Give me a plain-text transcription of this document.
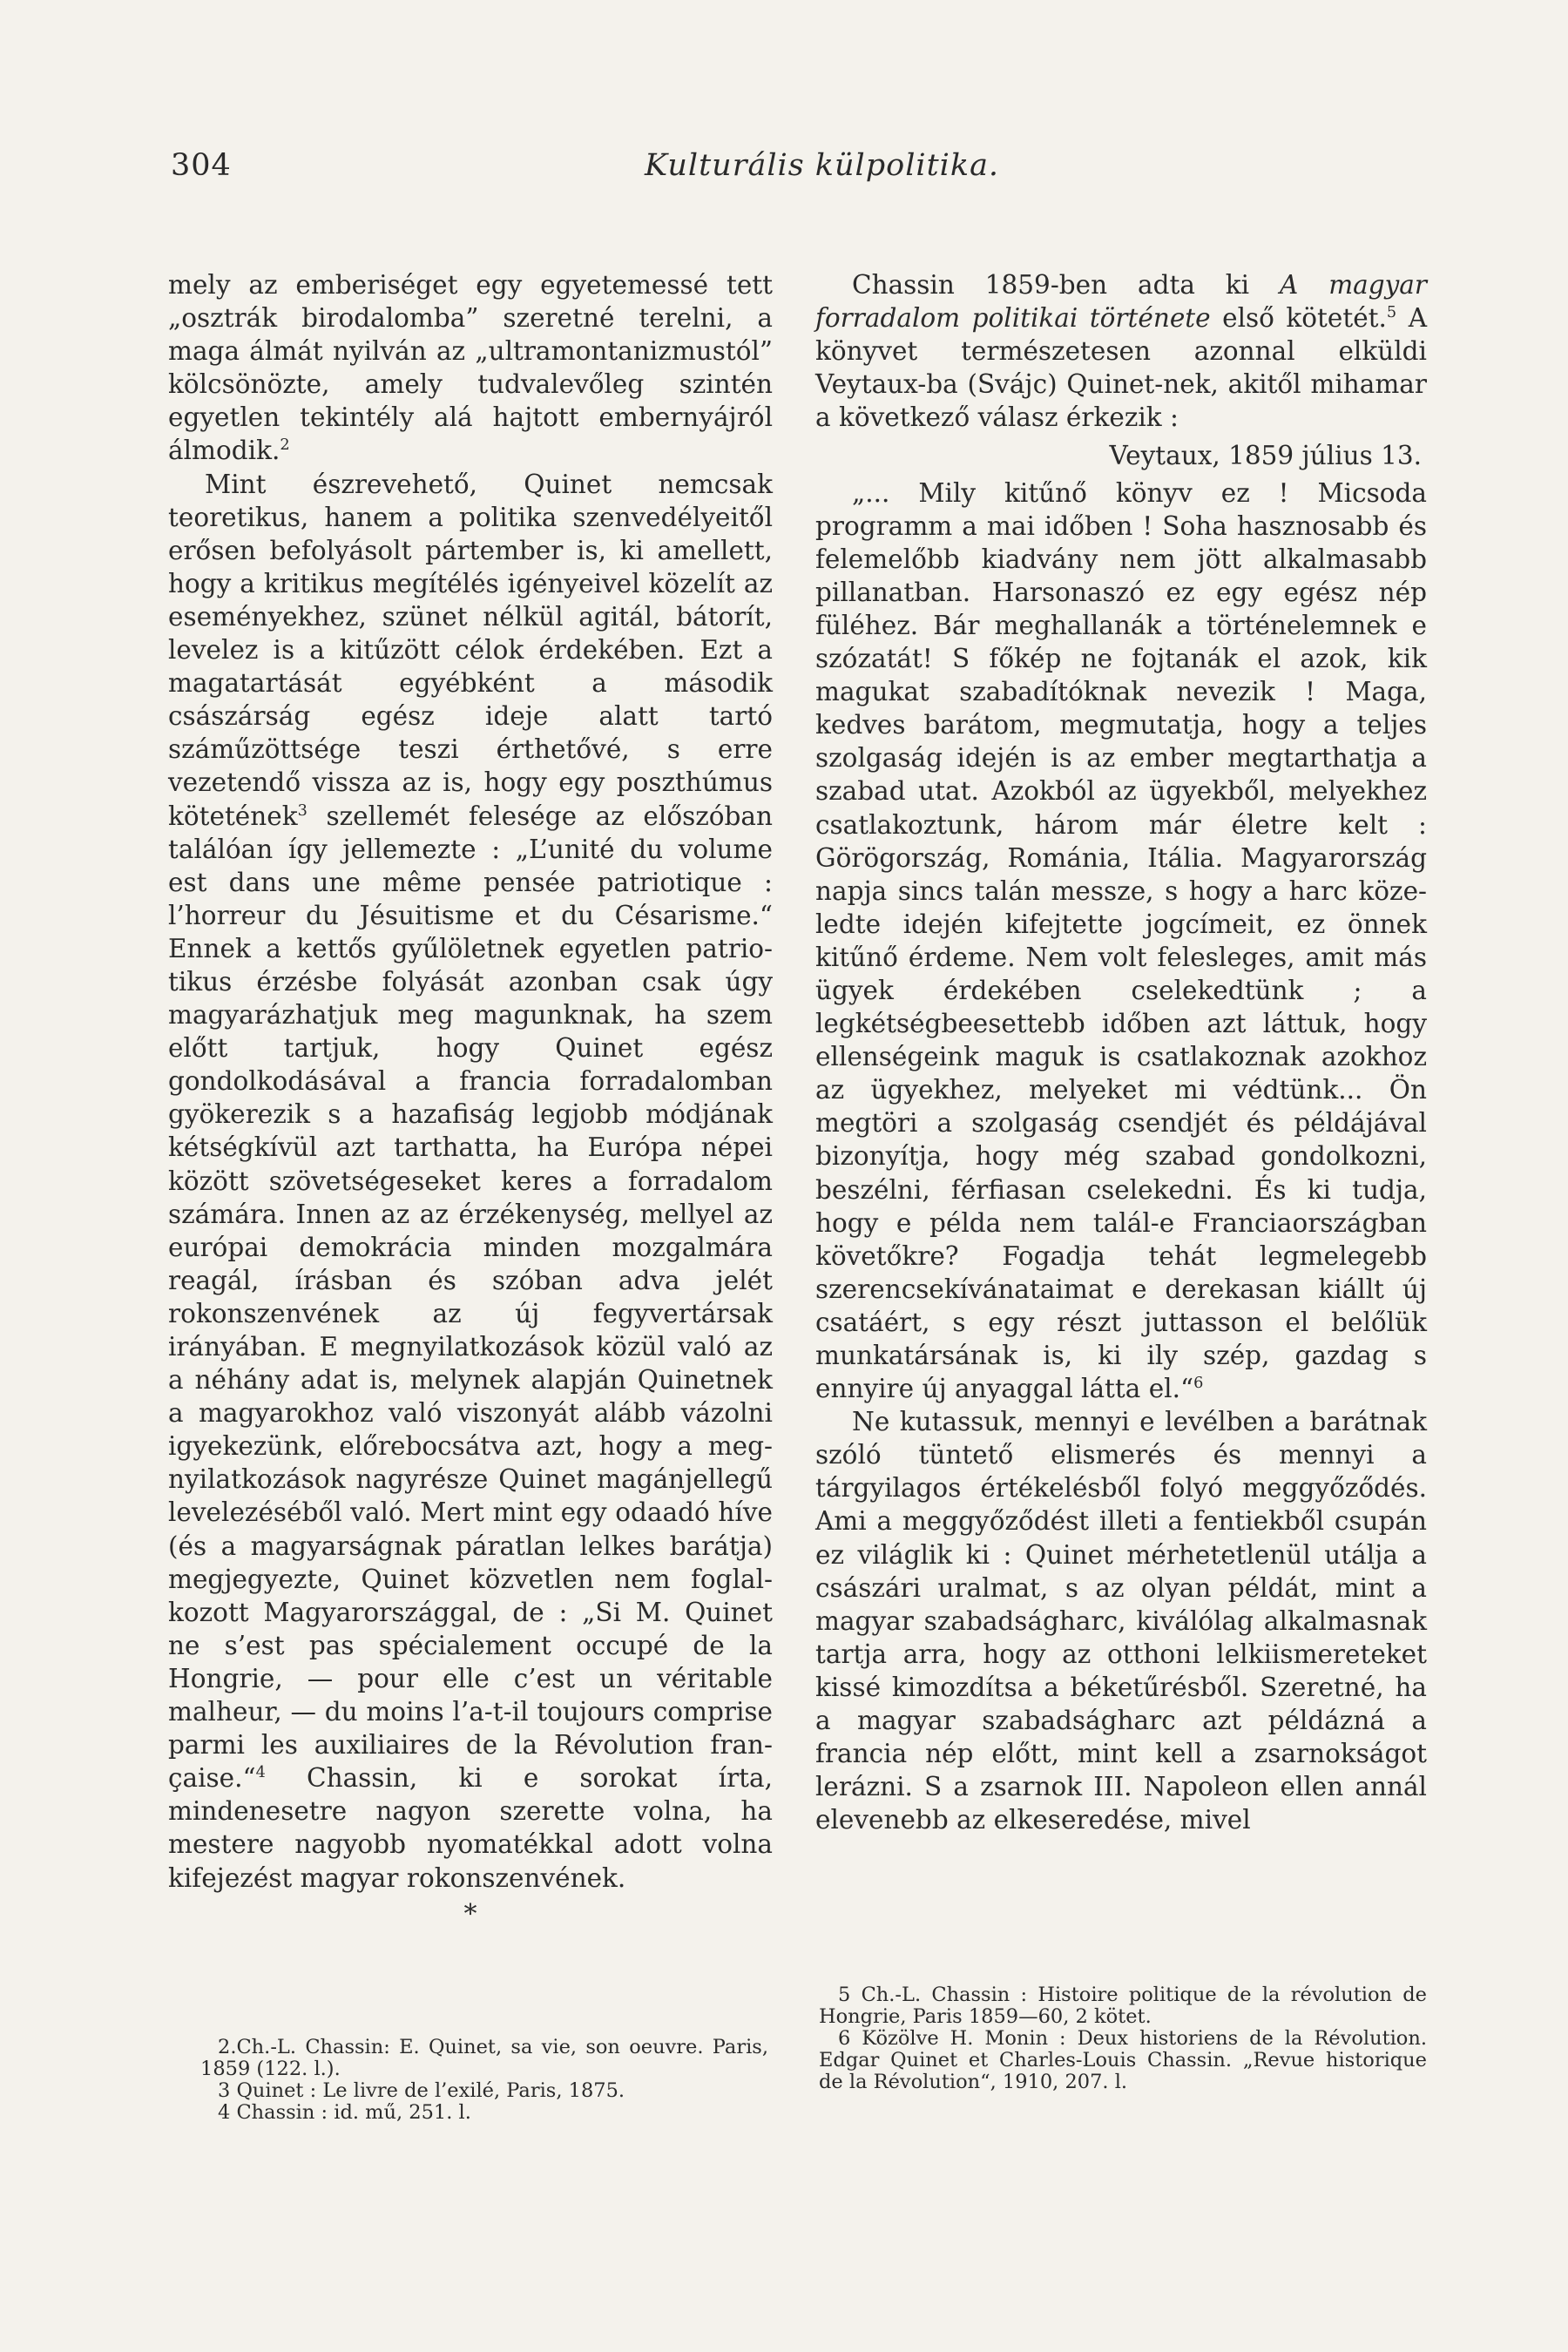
304	Kulturális külpolitika.

mely az emberiséget egy egyetemessé tett „osztrák birodalomba” szeretné terelni, a maga álmát nyilván az „ultramontanizmustól” kölcsönözte, amely tudvalevőleg szintén egyetlen tekintély alá hajtott embernyájról álmodik.$^2$

Mint észrevehető, Quinet nemcsak teoretikus, hanem a politika szenvedélyeitől erősen befolyásolt pártember is, ki amellett, hogy a kritikus megítélés igényeivel közelít az eseményekhez, szünet nélkül agitál, bátorít, levelez is a kitűzött célok érdekében. Ezt a magatartását egyébként a második császárság egész ideje alatt tartó száműzöttsége teszi érthetővé, s erre vezetendő vissza az is, hogy egy poszthúmus kötetének$^3$ szellemét felesége az előszóban találóan így jellemezte : „L’unité du volume est dans une même pensée patriotique : l’horreur du Jésuitisme et du Césarisme.“ Ennek a kettős gyűlöletnek egyetlen patriotikus érzésbe folyását azonban csak úgy magyarázhatjuk meg magunknak, ha szem előtt tartjuk, hogy Quinet egész gondolkodásával a francia forradalomban gyökerezik s a hazafiság legjobb módjának kétségkívül azt tarthatta, ha Európa népei között szövetségeseket keres a forradalom számára. Innen az az érzékenység, mellyel az európai demokrácia minden mozgalmára reagál, írásban és szóban adva jelét rokonszenvének az új fegyvertársak irányában. E megnyilatkozások közül való az a néhány adat is, melynek alapján Quinetnek a magyarokhoz való viszonyát alább vázolni igyekezünk, előrebocsátva azt, hogy a megnyilatkozások nagyrésze Quinet magánjellegű levelezéséből való. Mert mint egy odaadó híve (és a magyarságnak páratlan lelkes barátja) megjegyezte, Quinet közvetlen nem foglalkozott Magyarországgal, de : „Si M. Quinet ne s’est pas spécialement occupé de la Hongrie, — pour elle c’est un véritable malheur, — du moins l’a-t-il toujours comprise parmi les auxiliaires de la Révolution française.“$^4$ Chassin, ki e sorokat írta, mindenesetre nagyon szerette volna, ha mestere nagyobb nyomatékkal adott volna kifejezést magyar rokonszenvének.

*

2.Ch.-L. Chassin: E. Quinet, sa vie, son oeuvre. Paris, 1859 (122. l.).

3 Quinet : Le livre de l’exilé, Paris, 1875.

4 Chassin : id. mű, 251. l.

Chassin 1859-ben adta ki A magyar forradalom politikai története első kötetét.$^5$ A könyvet természetesen azonnal elküldi Veytaux-ba (Svájc) Quinet-nek, akitől mihamar a következő válasz érkezik :

Veytaux, 1859 július 13.

„... Mily kitűnő könyv ez ! Micsoda programm a mai időben ! Soha hasznosabb és felemelőbb kiadvány nem jött alkalmasabb pillanatban. Harsonaszó ez egy egész nép füléhez. Bár meghallanák a történelemnek e szózatát! S főkép ne fojtanák el azok, kik magukat szabadítóknak nevezik ! Maga, kedves barátom, megmutatja, hogy a teljes szolgaság idején is az ember megtarthatja a szabad utat. Azokból az ügyekből, melyekhez csatlakoztunk, három már életre kelt : Görögország, Románia, Itália. Magyarország napja sincs talán messze, s hogy a harc közeledte idején kifejtette jogcímeit, ez önnek kitűnő érdeme. Nem volt felesleges, amit más ügyek érdekében cselekedtünk ; a legkétségbeesettebb időben azt láttuk, hogy ellenségeink maguk is csatlakoznak azokhoz az ügyekhez, melyeket mi védtünk... Ön megtöri a szolgaság csendjét és példájával bizonyítja, hogy még szabad gondolkozni, beszélni, férfiasan cselekedni. És ki tudja, hogy e példa nem talál-e Franciaországban követőkre? Fogadja tehát legmelegebb szerencsekívánataimat e derekasan kiállt új csatáért, s egy részt juttasson el belőlük munkatársának is, ki ily szép, gazdag s ennyire új anyaggal látta el.“$^6$

Ne kutassuk, mennyi e levélben a barátnak szóló tüntető elismerés és mennyi a tárgyilagos értékelésből folyó meggyőződés. Ami a meggyőződést illeti a fentiekből csupán ez világlik ki : Quinet mérhetetlenül utálja a császári uralmat, s az olyan példát, mint a magyar szabadságharc, kiválólag alkalmasnak tartja arra, hogy az otthoni lelkiismereteket kissé kimozdítsa a béketűrésből. Szeretné, ha a magyar szabadságharc azt példázná a francia nép előtt, mint kell a zsarnokságot lerázni. S a zsarnok III. Napoleon ellen annál elevenebb az elkeseredése, mivel

5 Ch.-L. Chassin : Histoire politique de la révolution de Hongrie, Paris 1859—60, 2 kötet.

6 Közölve H. Monin : Deux historiens de la Révolution. Edgar Quinet et Charles-Louis Chassin. „Revue historique de la Révolution“, 1910, 207. l.
